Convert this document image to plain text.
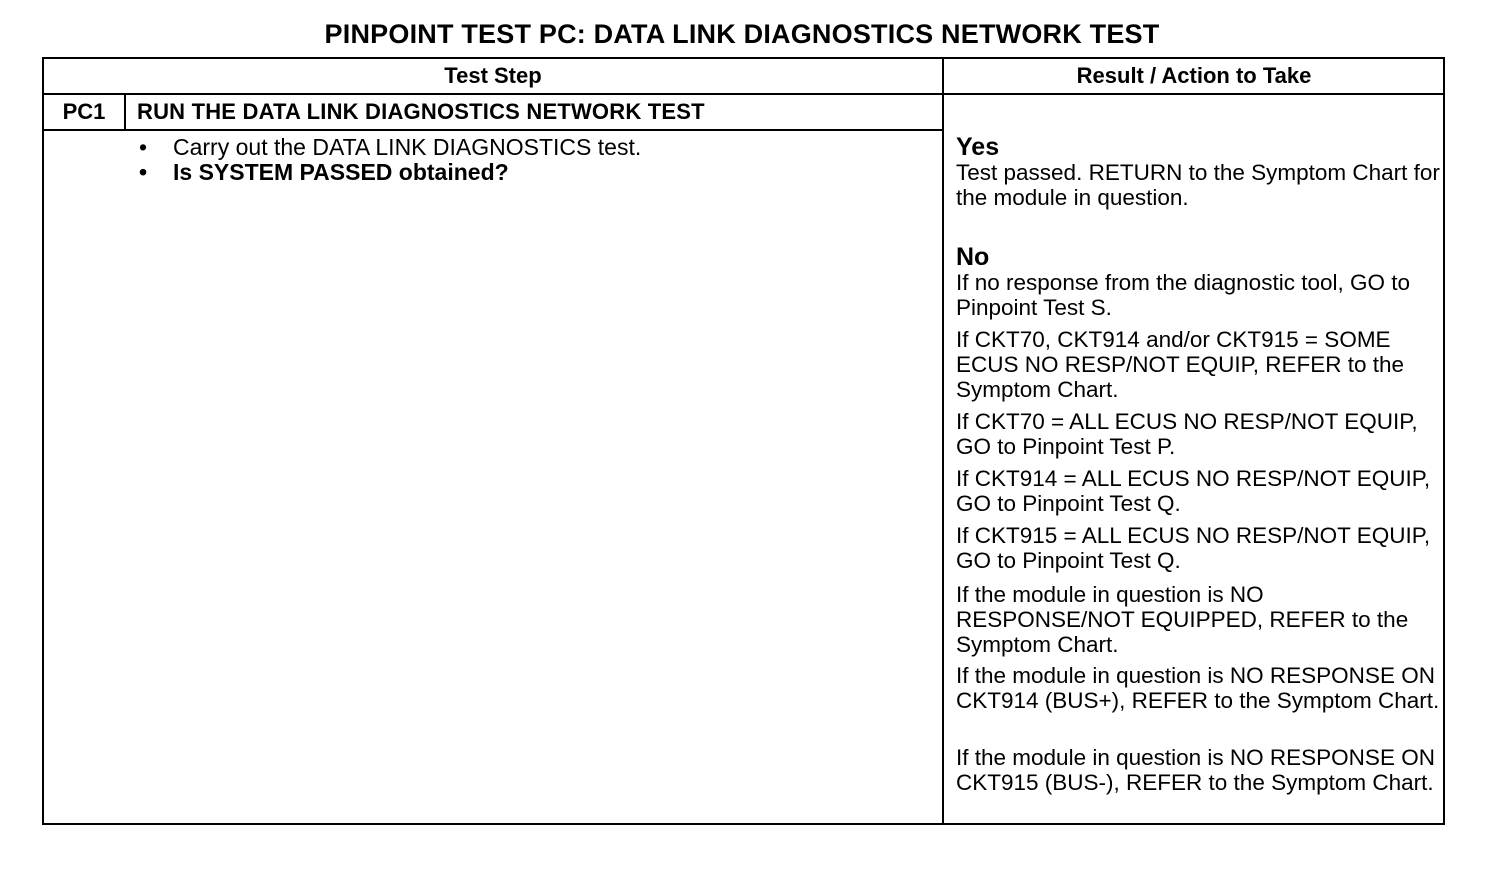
PINPOINT TEST PC: DATA LINK DIAGNOSTICS NETWORK TEST
Test Step	Result / Action to Take
PC1	RUN THE DATA LINK DIAGNOSTICS NETWORK TEST
• Carry out the DATA LINK DIAGNOSTICS test.
• Is SYSTEM PASSED obtained?
Yes
Test passed. RETURN to the Symptom Chart for the module in question.
No
If no response from the diagnostic tool, GO to Pinpoint Test S.
If CKT70, CKT914 and/or CKT915 = SOME ECUS NO RESP/NOT EQUIP, REFER to the Symptom Chart.
If CKT70 = ALL ECUS NO RESP/NOT EQUIP, GO to Pinpoint Test P.
If CKT914 = ALL ECUS NO RESP/NOT EQUIP, GO to Pinpoint Test Q.
If CKT915 = ALL ECUS NO RESP/NOT EQUIP, GO to Pinpoint Test Q.
If the module in question is NO RESPONSE/NOT EQUIPPED, REFER to the Symptom Chart.
If the module in question is NO RESPONSE ON CKT914 (BUS+), REFER to the Symptom Chart.
If the module in question is NO RESPONSE ON CKT915 (BUS-), REFER to the Symptom Chart.
